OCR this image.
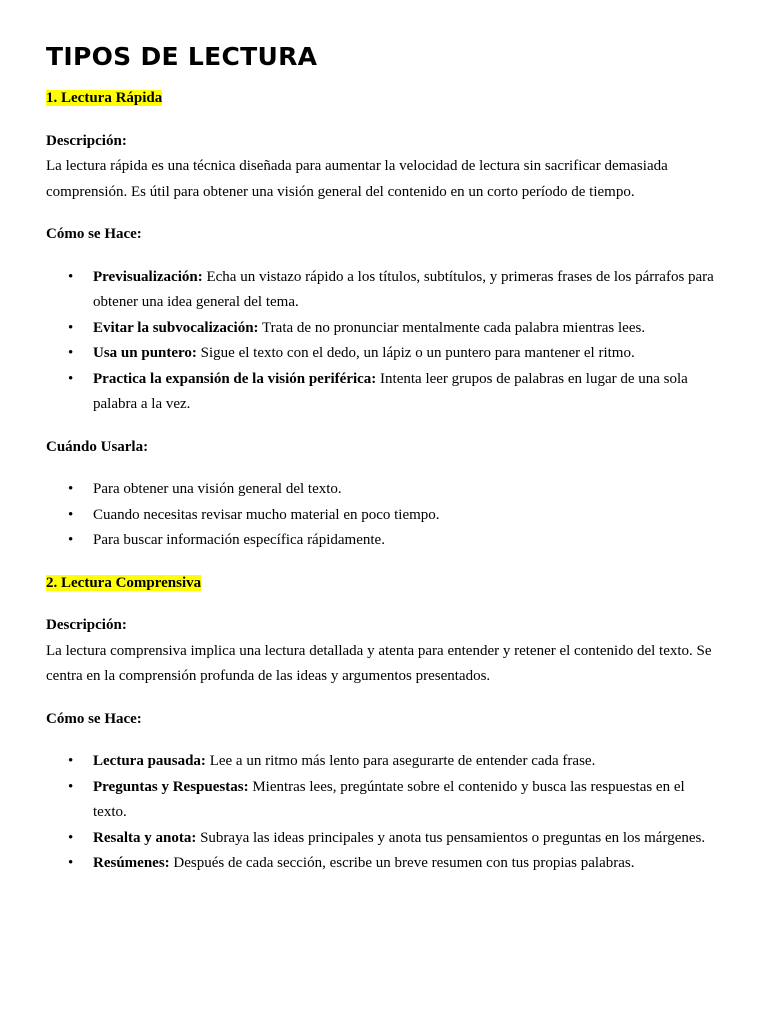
TIPOS DE LECTURA

1. Lectura Rápida

Descripción:

La lectura rápida es una técnica diseñada para aumentar la velocidad de lectura sin sacrificar demasiada comprensión. Es útil para obtener una visión general del contenido en un corto período de tiempo.

Cómo se Hace:

• Previsualización: Echa un vistazo rápido a los títulos, subtítulos, y primeras frases de los párrafos para obtener una idea general del tema.
• Evitar la subvocalización: Trata de no pronunciar mentalmente cada palabra mientras lees.
• Usa un puntero: Sigue el texto con el dedo, un lápiz o un puntero para mantener el ritmo.
• Practica la expansión de la visión periférica: Intenta leer grupos de palabras en lugar de una sola palabra a la vez.

Cuándo Usarla:

• Para obtener una visión general del texto.
• Cuando necesitas revisar mucho material en poco tiempo.
• Para buscar información específica rápidamente.

2. Lectura Comprensiva

Descripción:

La lectura comprensiva implica una lectura detallada y atenta para entender y retener el contenido del texto. Se centra en la comprensión profunda de las ideas y argumentos presentados.

Cómo se Hace:

• Lectura pausada: Lee a un ritmo más lento para asegurarte de entender cada frase.
• Preguntas y Respuestas: Mientras lees, pregúntate sobre el contenido y busca las respuestas en el texto.
• Resalta y anota: Subraya las ideas principales y anota tus pensamientos o preguntas en los márgenes.
• Resúmenes: Después de cada sección, escribe un breve resumen con tus propias palabras.
